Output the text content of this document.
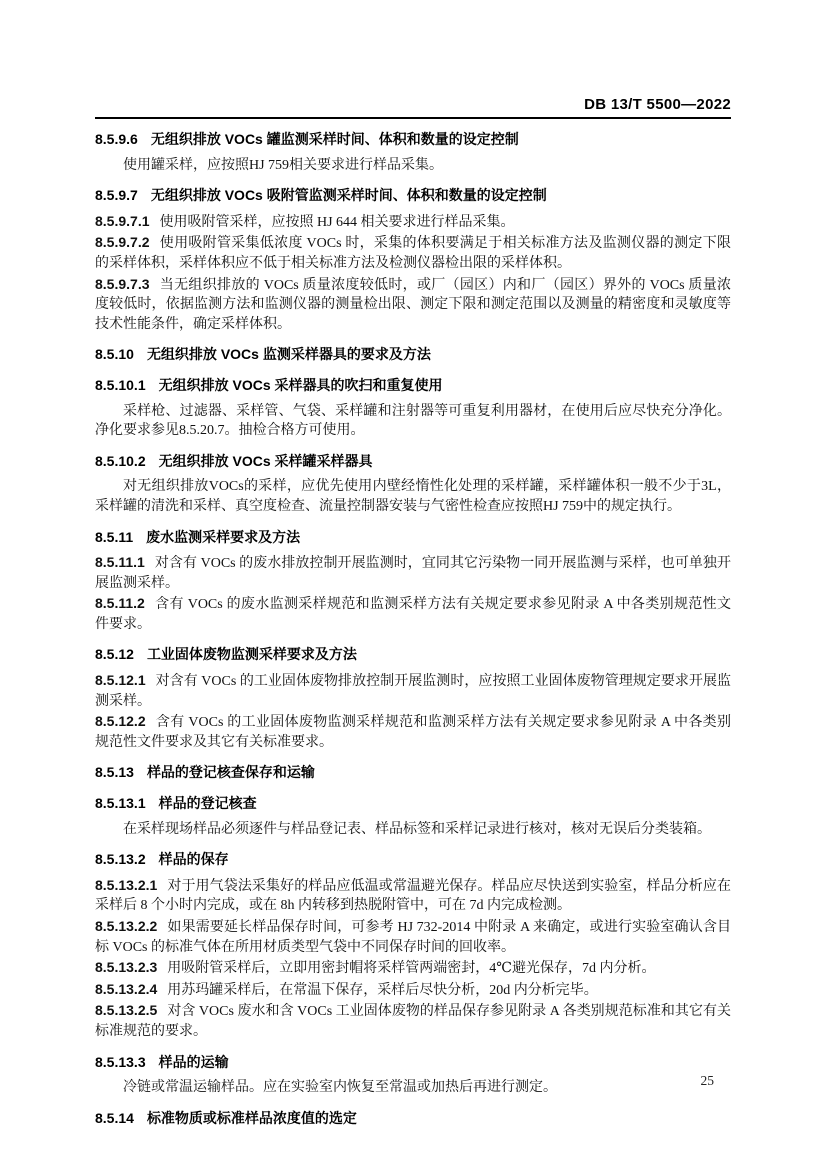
DB 13/T 5500—2022
8.5.9.6 无组织排放 VOCs 罐监测采样时间、体积和数量的设定控制
使用罐采样，应按照HJ 759相关要求进行样品采集。
8.5.9.7 无组织排放 VOCs 吸附管监测采样时间、体积和数量的设定控制
8.5.9.7.1 使用吸附管采样，应按照 HJ 644 相关要求进行样品采集。
8.5.9.7.2 使用吸附管采集低浓度 VOCs 时，采集的体积要满足于相关标准方法及监测仪器的测定下限的采样体积，采样体积应不低于相关标准方法及检测仪器检出限的采样体积。
8.5.9.7.3 当无组织排放的 VOCs 质量浓度较低时，或厂（园区）内和厂（园区）界外的 VOCs 质量浓度较低时，依据监测方法和监测仪器的测量检出限、测定下限和测定范围以及测量的精密度和灵敏度等技术性能条件，确定采样体积。
8.5.10 无组织排放 VOCs 监测采样器具的要求及方法
8.5.10.1 无组织排放 VOCs 采样器具的吹扫和重复使用
采样枪、过滤器、采样管、气袋、采样罐和注射器等可重复利用器材，在使用后应尽快充分净化。净化要求参见8.5.20.7。抽检合格方可使用。
8.5.10.2 无组织排放 VOCs 采样罐采样器具
对无组织排放VOCs的采样，应优先使用内壁经惰性化处理的采样罐，采样罐体积一般不少于3L，采样罐的清洗和采样、真空度检查、流量控制器安装与气密性检查应按照HJ 759中的规定执行。
8.5.11 废水监测采样要求及方法
8.5.11.1 对含有 VOCs 的废水排放控制开展监测时，宜同其它污染物一同开展监测与采样，也可单独开展监测采样。
8.5.11.2 含有 VOCs 的废水监测采样规范和监测采样方法有关规定要求参见附录 A 中各类别规范性文件要求。
8.5.12 工业固体废物监测采样要求及方法
8.5.12.1 对含有 VOCs 的工业固体废物排放控制开展监测时，应按照工业固体废物管理规定要求开展监测采样。
8.5.12.2 含有 VOCs 的工业固体废物监测采样规范和监测采样方法有关规定要求参见附录 A 中各类别规范性文件要求及其它有关标准要求。
8.5.13 样品的登记核查保存和运输
8.5.13.1 样品的登记核查
在采样现场样品必须逐件与样品登记表、样品标签和采样记录进行核对，核对无误后分类装箱。
8.5.13.2 样品的保存
8.5.13.2.1 对于用气袋法采集好的样品应低温或常温避光保存。样品应尽快送到实验室，样品分析应在采样后 8 个小时内完成，或在 8h 内转移到热脱附管中，可在 7d 内完成检测。
8.5.13.2.2 如果需要延长样品保存时间，可参考 HJ 732-2014 中附录 A 来确定，或进行实验室确认含目标 VOCs 的标准气体在所用材质类型气袋中不同保存时间的回收率。
8.5.13.2.3 用吸附管采样后，立即用密封帽将采样管两端密封，4℃避光保存，7d 内分析。
8.5.13.2.4 用苏玛罐采样后，在常温下保存，采样后尽快分析，20d 内分析完毕。
8.5.13.2.5 对含 VOCs 废水和含 VOCs 工业固体废物的样品保存参见附录 A 各类别规范标准和其它有关标准规范的要求。
8.5.13.3 样品的运输
冷链或常温运输样品。应在实验室内恢复至常温或加热后再进行测定。
8.5.14 标准物质或标准样品浓度值的选定
25
